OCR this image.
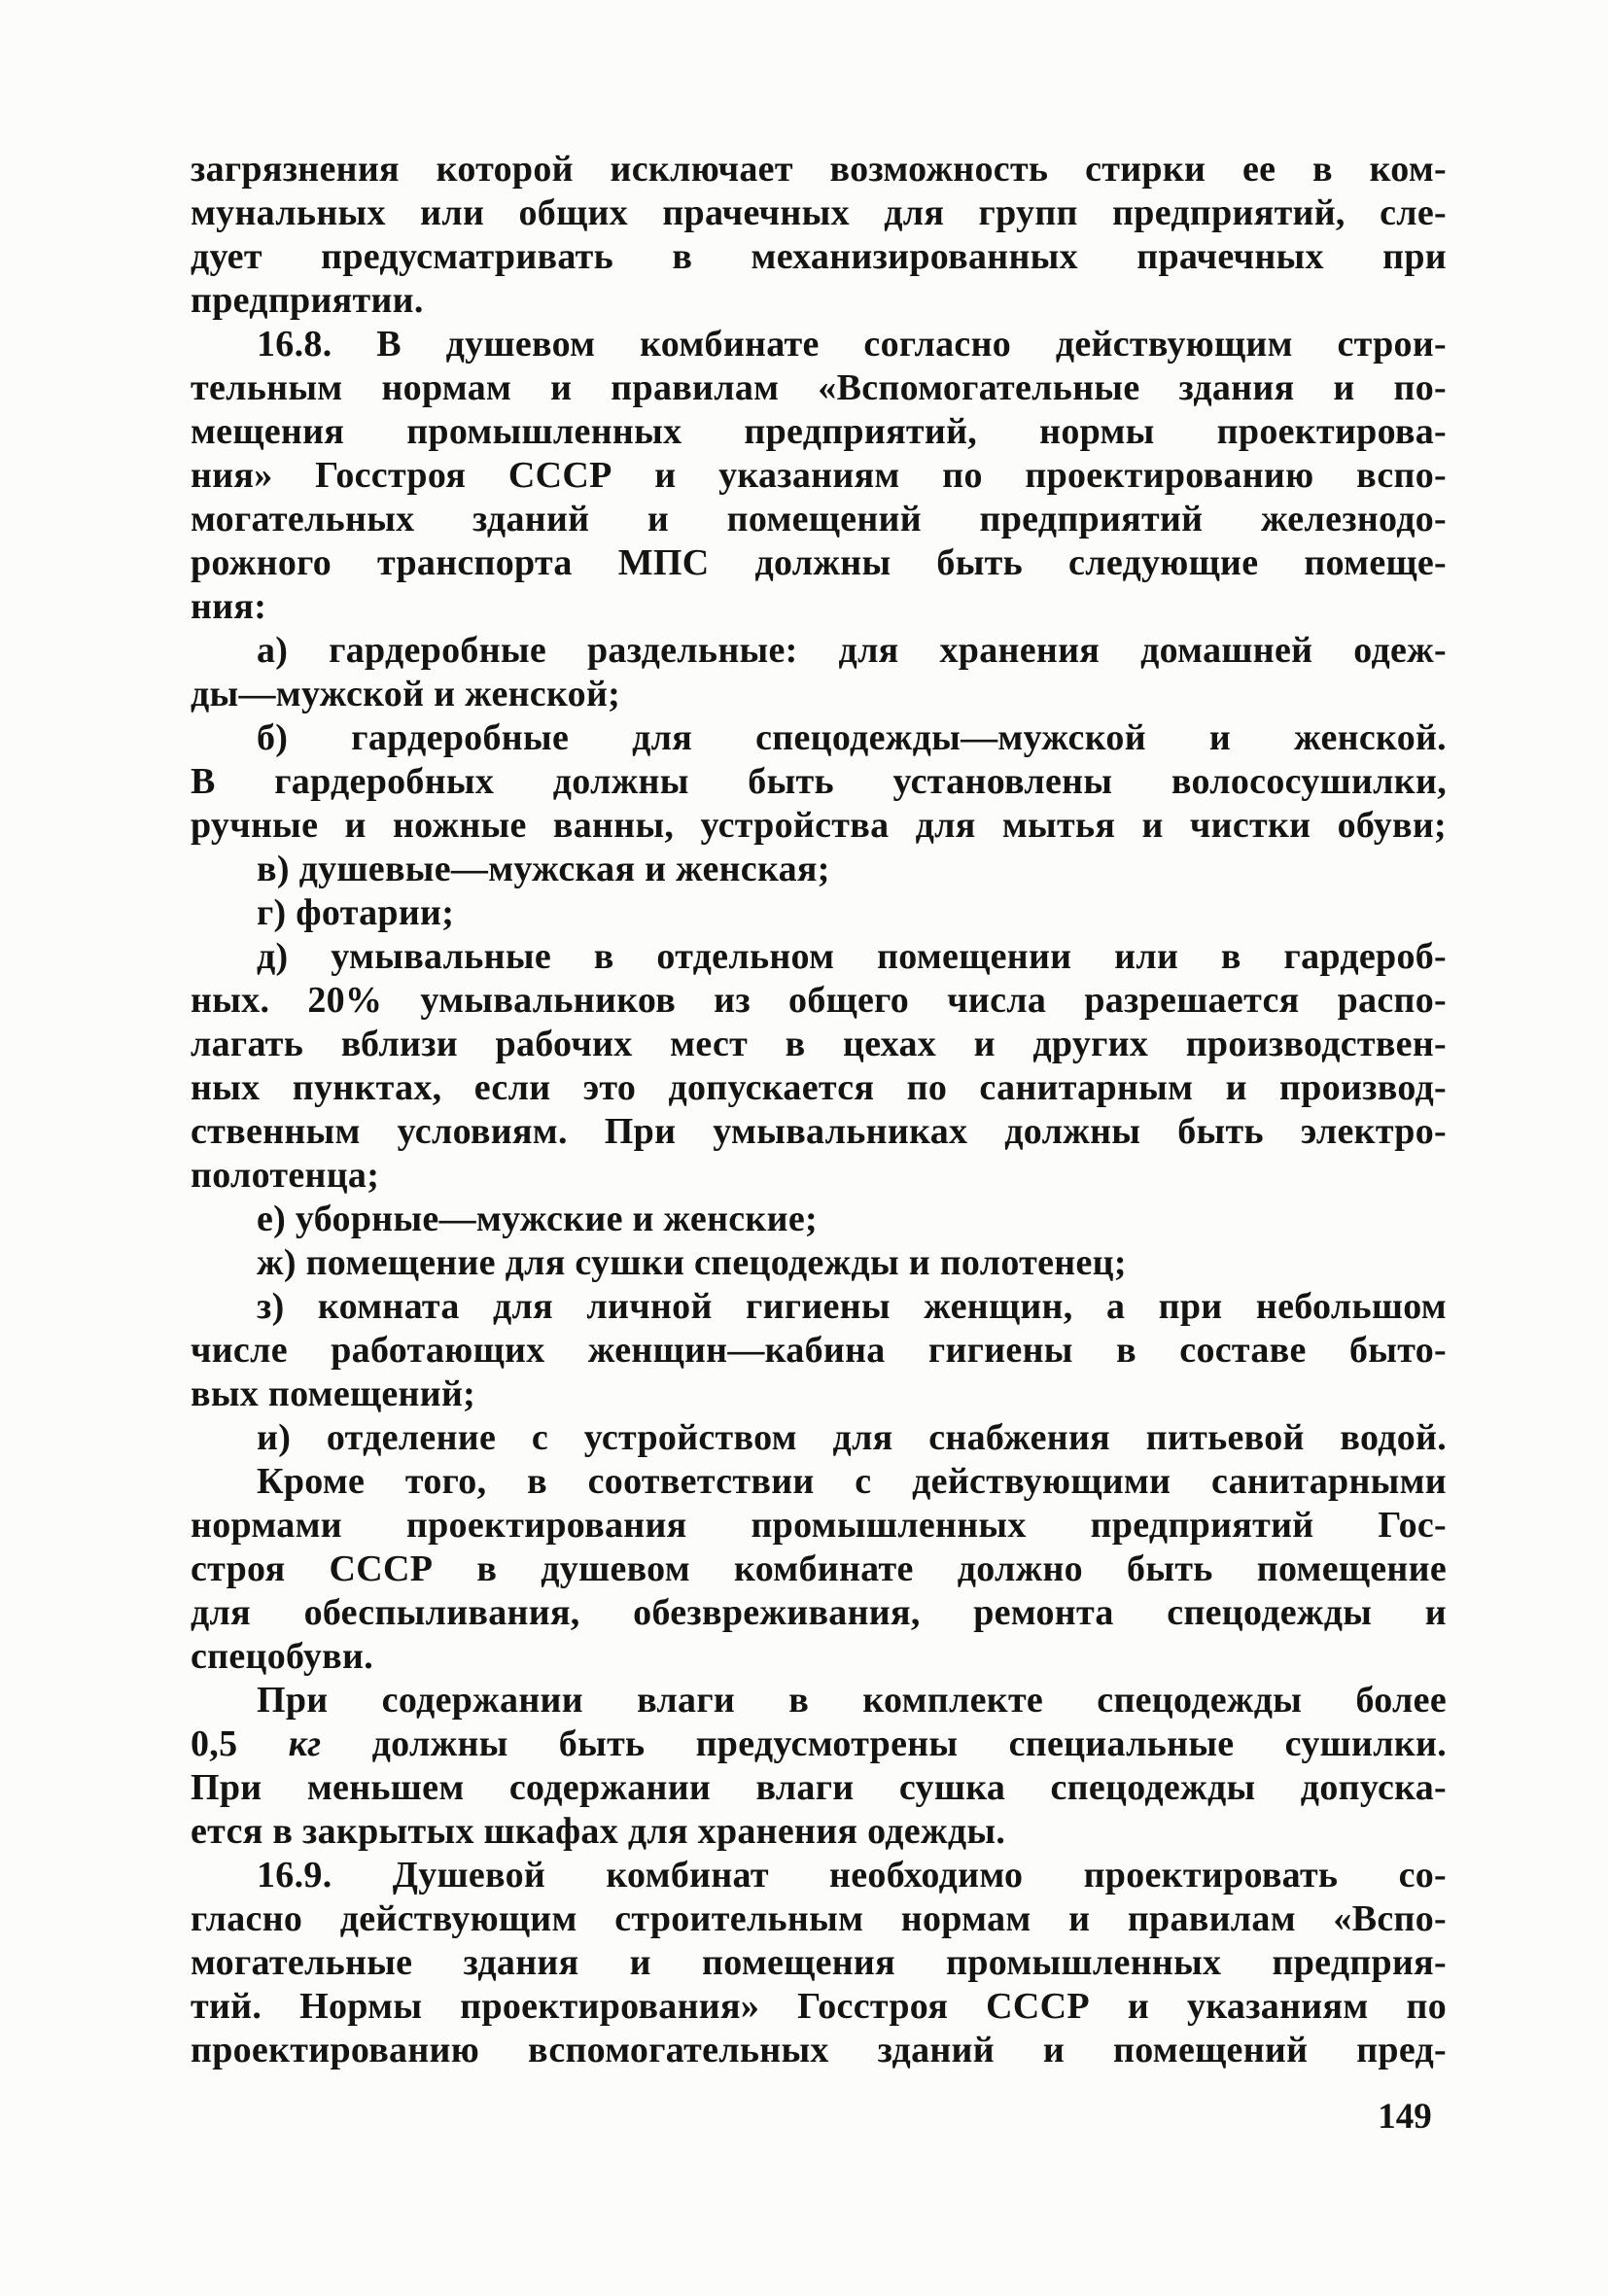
загрязнения которой исключает возможность стирки ее в ком-
мунальных или общих прачечных для групп предприятий, сле-
дует предусматривать в механизированных прачечных при
предприятии.
16.8. В душевом комбинате согласно действующим строи-
тельным нормам и правилам «Вспомогательные здания и по-
мещения промышленных предприятий, нормы проектирова-
ния» Госстроя СССР и указаниям по проектированию вспо-
могательных зданий и помещений предприятий железнодо-
рожного транспорта МПС должны быть следующие помеще-
ния:
а) гардеробные раздельные: для хранения домашней одеж-
ды—мужской и женской;
б) гардеробные для спецодежды—мужской и женской.
В гардеробных должны быть установлены волососушилки,
ручные и ножные ванны, устройства для мытья и чистки обуви;
в) душевые—мужская и женская;
г) фотарии;
д) умывальные в отдельном помещении или в гардероб-
ных. 20% умывальников из общего числа разрешается распо-
лагать вблизи рабочих мест в цехах и других производствен-
ных пунктах, если это допускается по санитарным и производ-
ственным условиям. При умывальниках должны быть электро-
полотенца;
е) уборные—мужские и женские;
ж) помещение для сушки спецодежды и полотенец;
з) комната для личной гигиены женщин, а при небольшом
числе работающих женщин—кабина гигиены в составе быто-
вых помещений;
и) отделение с устройством для снабжения питьевой водой.
Кроме того, в соответствии с действующими санитарными
нормами проектирования промышленных предприятий Гос-
строя СССР в душевом комбинате должно быть помещение
для обеспыливания, обезвреживания, ремонта спецодежды и
спецобуви.
При содержании влаги в комплекте спецодежды более
0,5 кг должны быть предусмотрены специальные сушилки.
При меньшем содержании влаги сушка спецодежды допуска-
ется в закрытых шкафах для хранения одежды.
16.9. Душевой комбинат необходимо проектировать со-
гласно действующим строительным нормам и правилам «Вспо-
могательные здания и помещения промышленных предприя-
тий. Нормы проектирования» Госстроя СССР и указаниям по
проектированию вспомогательных зданий и помещений пред-
149
